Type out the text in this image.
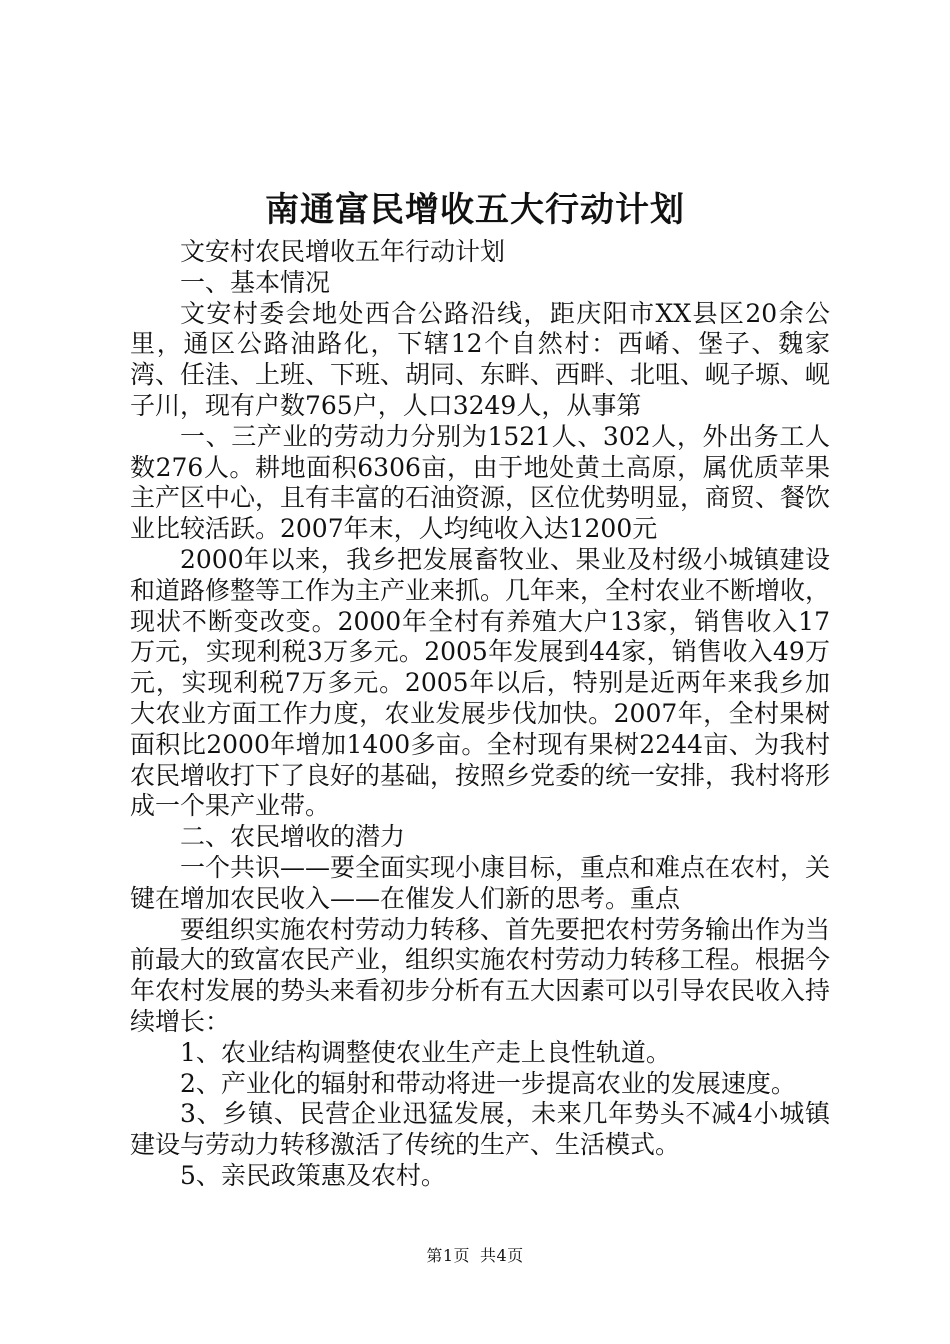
南通富民增收五大行动计划

文安村农民增收五年行动计划

一、基本情况

文安村委会地处西合公路沿线，距庆阳市XX县区20余公里，通区公路油路化，下辖12个自然村：西崤、堡子、魏家湾、任洼、上班、下班、胡同、东畔、西畔、北咀、岘子塬、岘子川，现有户数765户，人口3249人，从事第

一、三产业的劳动力分别为1521人、302人，外出务工人数276人。耕地面积6306亩，由于地处黄土高原，属优质苹果主产区中心，且有丰富的石油资源，区位优势明显，商贸、餐饮业比较活跃。2007年末，人均纯收入达1200元

2000年以来，我乡把发展畜牧业、果业及村级小城镇建设和道路修整等工作为主产业来抓。几年来，全村农业不断增收，现状不断变改变。2000年全村有养殖大户13家，销售收入17万元，实现利税3万多元。2005年发展到44家，销售收入49万元，实现利税7万多元。2005年以后，特别是近两年来我乡加大农业方面工作力度，农业发展步伐加快。2007年，全村果树面积比2000年增加1400多亩。全村现有果树2244亩、为我村农民增收打下了良好的基础，按照乡党委的统一安排，我村将形成一个果产业带。

二、农民增收的潜力

一个共识——要全面实现小康目标，重点和难点在农村，关键在增加农民收入——在催发人们新的思考。重点

要组织实施农村劳动力转移、首先要把农村劳务输出作为当前最大的致富农民产业，组织实施农村劳动力转移工程。根据今年农村发展的势头来看初步分析有五大因素可以引导农民收入持续增长：

1、农业结构调整使农业生产走上良性轨道。

2、产业化的辐射和带动将进一步提高农业的发展速度。

3、乡镇、民营企业迅猛发展，未来几年势头不减4小城镇建设与劳动力转移激活了传统的生产、生活模式。

5、亲民政策惠及农村。

第1页 共4页
